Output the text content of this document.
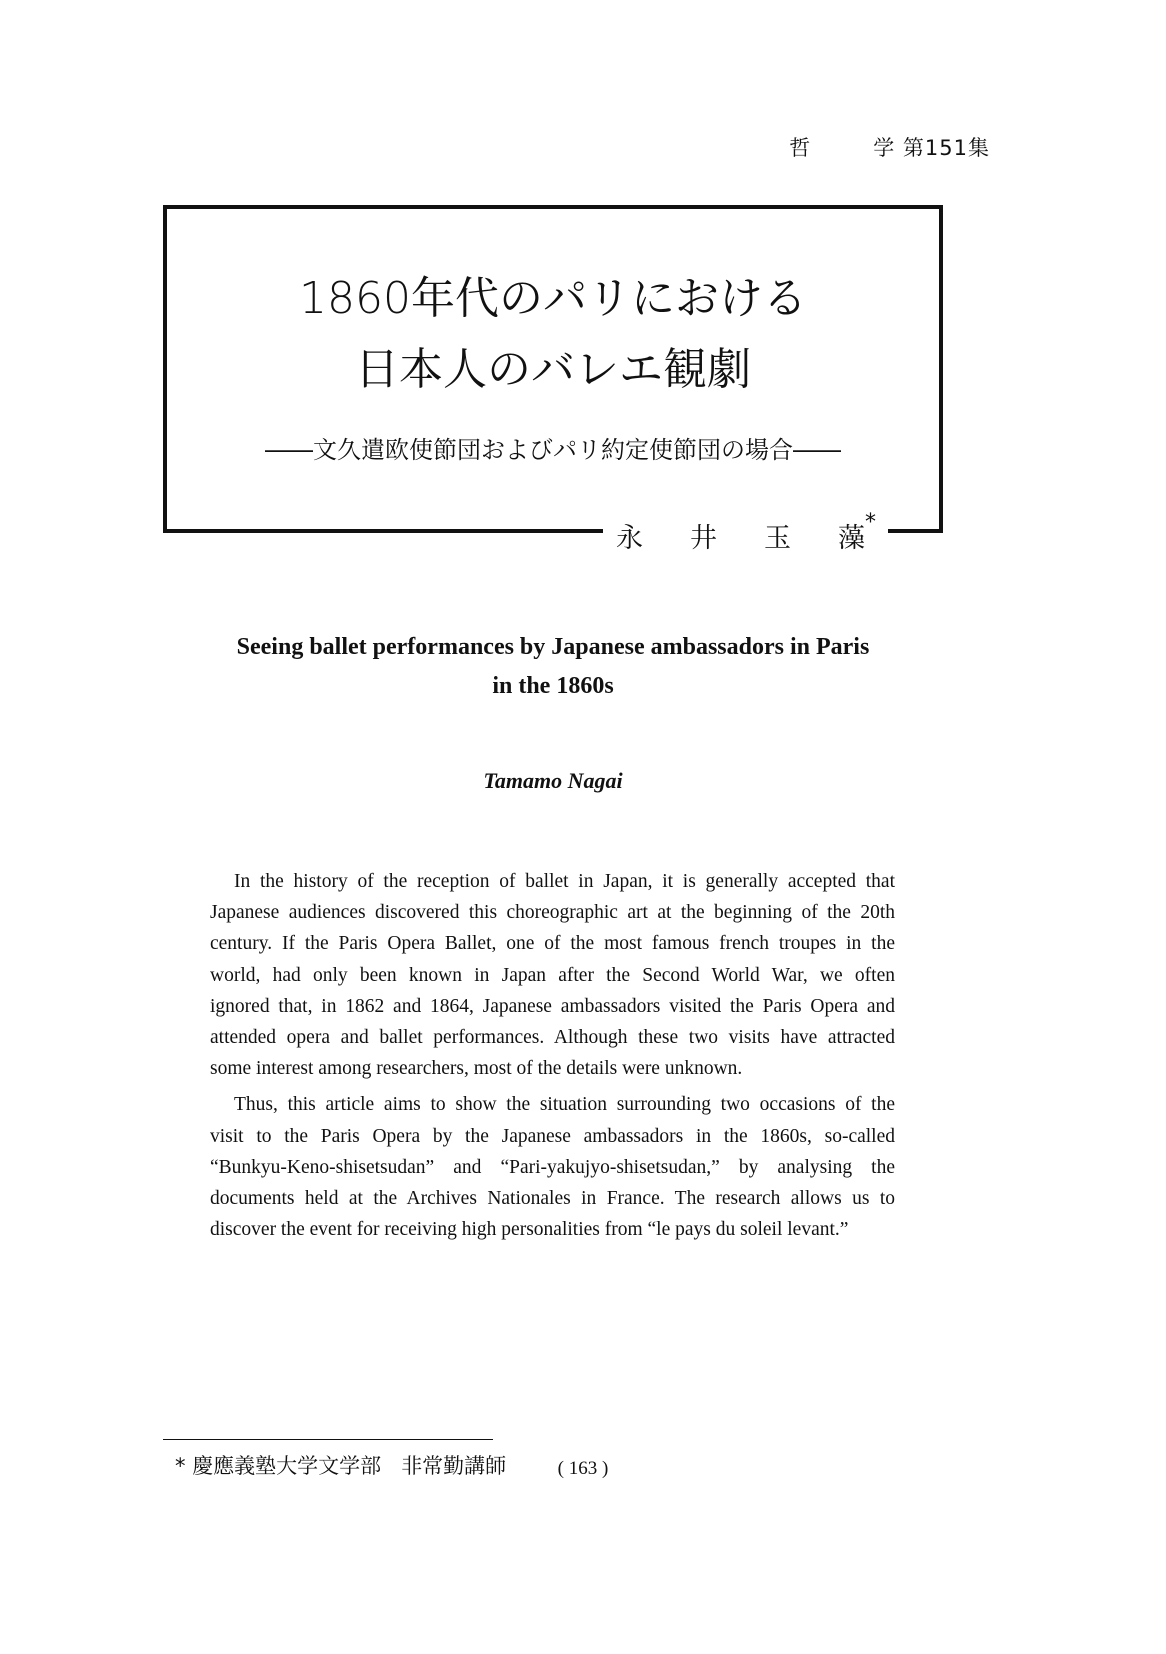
哲	学 第151集
1860年代のパリにおける
日本人のバレエ観劇
――文久遣欧使節団およびパリ約定使節団の場合――
永 井 玉 藻*
Seeing ballet performances by Japanese ambassadors in Paris
in the 1860s
Tamamo Nagai
In the history of the reception of ballet in Japan, it is generally accepted that
Japanese audiences discovered this choreographic art at the beginning of the 20th
century. If the Paris Opera Ballet, one of the most famous french troupes in the
world, had only been known in Japan after the Second World War, we often
ignored that, in 1862 and 1864, Japanese ambassadors visited the Paris Opera and
attended opera and ballet performances. Although these two visits have attracted
some interest among researchers, most of the details were unknown.
Thus, this article aims to show the situation surrounding two occasions of the
visit to the Paris Opera by the Japanese ambassadors in the 1860s, so-called
“Bunkyu-Keno-shisetsudan” and “Pari-yakujyo-shisetsudan,” by analysing the
documents held at the Archives Nationales in France. The research allows us to
discover the event for receiving high personalities from “le pays du soleil levant.”
* 慶應義塾大学文学部 非常勤講師	( 163 )
